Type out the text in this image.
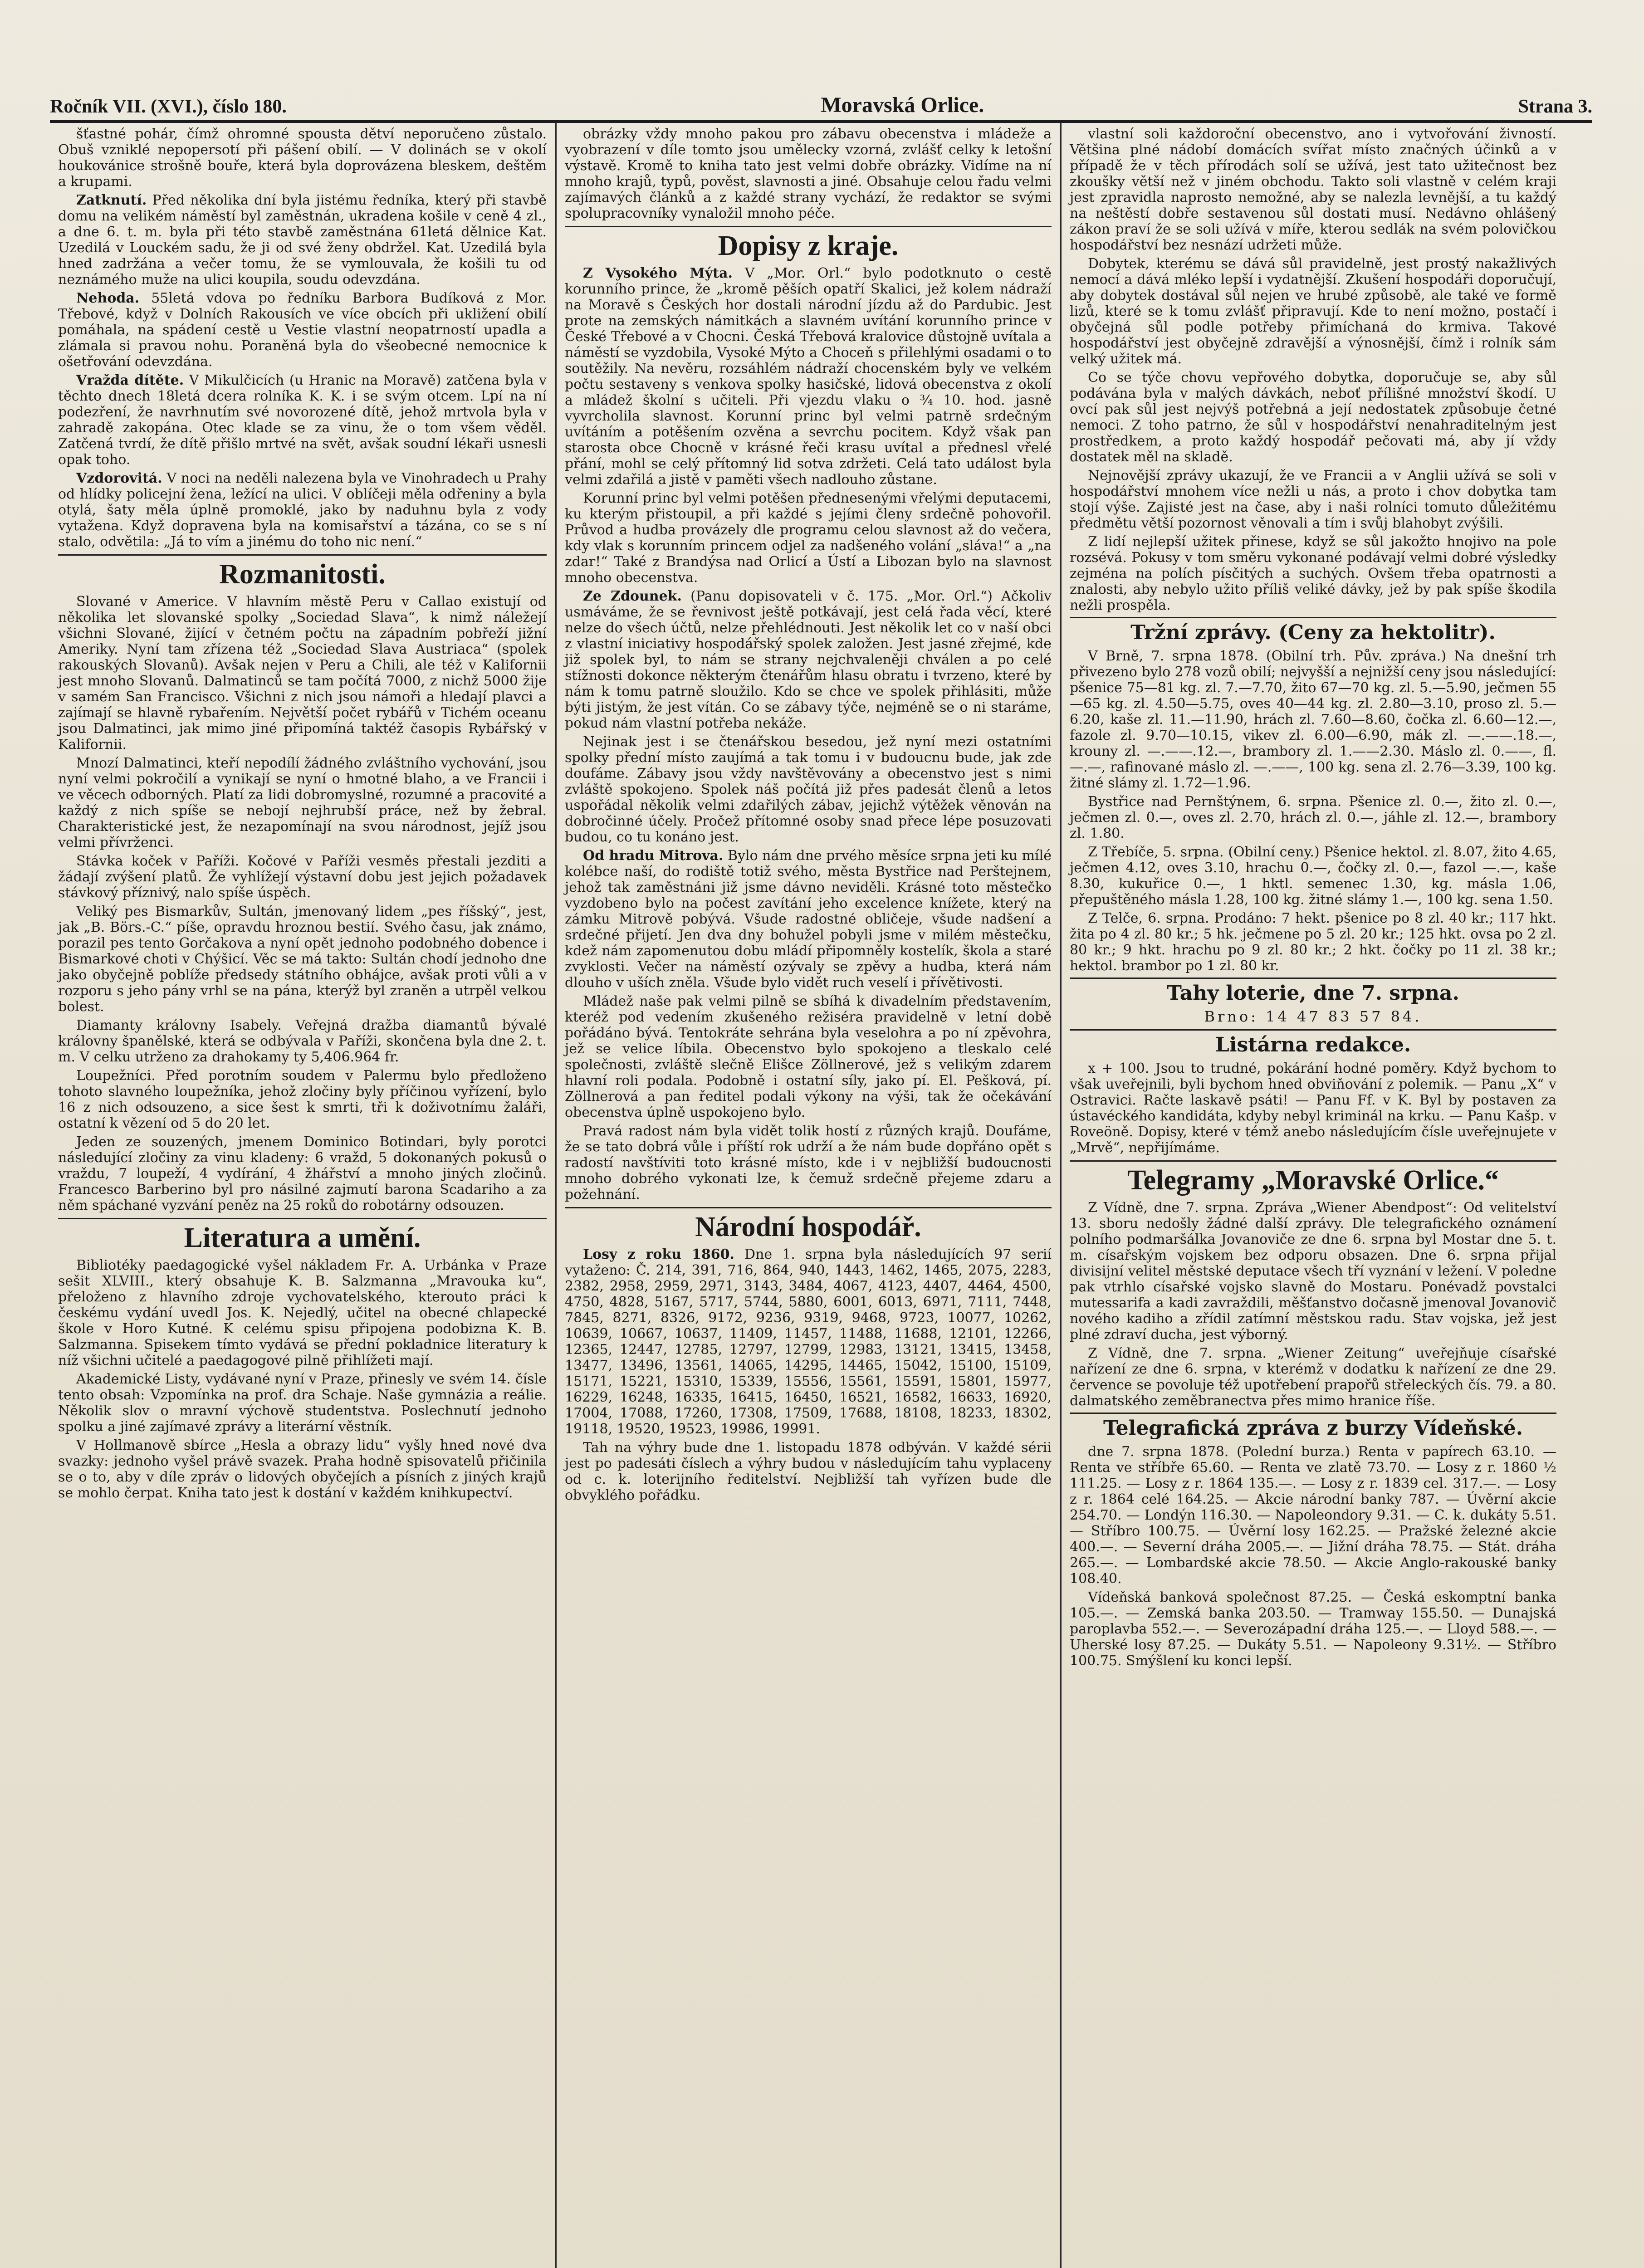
Ročník VII. (XVI.), číslo 180.	Moravská Orlice.	Strana 3.

šťastné pohár, čímž ohromné spousta dětví neporučeno zůstalo. Obuš vzniklé nepopersotí při pášení obilí. — V dolinách se v okolí houkovánice strošně bouře, která byla doprovázena bleskem, deštěm a krupami.

Zatknutí. Před několika dní byla jistému ředníka, který při stavbě domu na velikém náměstí byl zaměstnán, ukradena košile v ceně 4 zl., a dne 6. t. m. byla při této stavbě zaměstnána 61letá dělnice Kat. Uzedilá v Louckém sadu, že ji od své ženy obdržel. Kat. Uzedilá byla hned zadržána a večer tomu, že se vymlouvala, že košili tu od neznámého muže na ulici koupila, soudu odevzdána.

Nehoda. 55letá vdova po ředníku Barbora Budíková z Mor. Třebové, když v Dolních Rakousích ve více obcích při ukližení obilí pomáhala, na spádení cestě u Vestie vlastní neopatrností upadla a zlámala si pravou nohu. Poraněná byla do všeobecné nemocnice k ošetřování odevzdána.

Vražda dítěte. V Mikulčicích (u Hranic na Moravě) zatčena byla v těchto dnech 18letá dcera rolníka K. K. i se svým otcem. Lpí na ní podezření, že navrhnutím své novorozené dítě, jehož mrtvola byla v zahradě zakopána. Otec klade se za vinu, že o tom všem věděl. Zatčená tvrdí, že dítě přišlo mrtvé na svět, avšak soudní lékaři usnesli opak toho.

Vzdorovitá. V noci na neděli nalezena byla ve Vinohradech u Prahy od hlídky policejní žena, ležící na ulici. V oblíčeji měla odřeniny a byla otylá, šaty měla úplně promoklé, jako by naduhnu byla z vody vytažena. Když dopravena byla na komisařství a tázána, co se s ní stalo, odvětila: „Já to vím a jinému do toho nic není.“

Rozmanitosti.

Slované v Americe. V hlavním městě Peru v Callao existují od několika let slovanské spolky „Sociedad Slava“, k nimž náležejí všichni Slované, žijící v četném počtu na západním pobřeží jižní Ameriky. Nyní tam zřízena též „Sociedad Slava Austriaca“ (spolek rakouských Slovanů). Avšak nejen v Peru a Chili, ale též v Kalifornii jest mnoho Slovanů. Dalmatinců se tam počítá 7000, z nichž 5000 žije v samém San Francisco. Všichni z nich jsou námoři a hledají plavci a zajímají se hlavně rybařením. Největší počet rybářů v Tichém oceanu jsou Dalmatinci, jak mimo jiné připomíná taktéž časopis Rybářský v Kalifornii.

Mnozí Dalmatinci, kteří nepodílí žádného zvláštního vychování, jsou nyní velmi pokročilí a vynikají se nyní o hmotné blaho, a ve Francii i ve věcech odborných. Platí za lidi dobromyslné, rozumné a pracovité a každý z nich spíše se nebojí nejhrubší práce, než by žebral. Charakteristické jest, že nezapomínají na svou národnost, jejíž jsou velmi přívrženci.

Stávka koček v Paříži. Kočové v Paříži vesměs přestali jezditi a žádají zvýšení platů. Že vyhlížejí výstavní dobu jest jejich požadavek stávkový příznivý, nalo spíše úspěch.

Veliký pes Bismarkův, Sultán, jmenovaný lidem „pes říšský“, jest, jak „B. Börs.-C.“ píše, opravdu hroznou bestií. Svého času, jak známo, porazil pes tento Gorčakova a nyní opět jednoho podobného dobence i Bismarkové choti v Chýšicí. Věc se má takto: Sultán chodí jednoho dne jako obyčejně poblíže předsedy státního obhájce, avšak proti vůli a v rozporu s jeho pány vrhl se na pána, kterýž byl zraněn a utrpěl velkou bolest.

Diamanty královny Isabely. Veřejná dražba diamantů bývalé královny španělské, která se odbývala v Paříži, skončena byla dne 2. t. m. V celku utrženo za drahokamy ty 5,406.964 fr.

Loupežníci. Před porotním soudem v Palermu bylo předloženo tohoto slavného loupežníka, jehož zločiny byly příčinou vyřízení, bylo 16 z nich odsouzeno, a sice šest k smrti, tři k doživotnímu žaláři, ostatní k vězení od 5 do 20 let.

Jeden ze souzených, jmenem Dominico Botindari, byly porotci následující zločiny za vinu kladeny: 6 vražd, 5 dokonaných pokusů o vraždu, 7 loupeží, 4 vydírání, 4 žhářství a mnoho jiných zločinů. Francesco Barberino byl pro násilné zajmutí barona Scadariho a za něm spáchané vyzvání peněz na 25 roků do robotárny odsouzen.

Literatura a umění.

Bibliotéky paedagogické vyšel nákladem Fr. A. Urbánka v Praze sešit XLVIII., který obsahuje K. B. Salzmanna „Mravouka ku“, přeloženo z hlavního zdroje vychovatelského, kterouto práci k českému vydání uvedl Jos. K. Nejedlý, učitel na obecné chlapecké škole v Horo Kutné. K celému spisu připojena podobizna K. B. Salzmanna. Spisekem tímto vydává se přední pokladnice literatury k níž všichni učitelé a paedagogové pilně přihlížeti mají.

Akademické Listy, vydávané nyní v Praze, přinesly ve svém 14. čísle tento obsah: Vzpomínka na prof. dra Schaje. Naše gymnázia a reálie. Několik slov o mravní výchově studentstva. Poslechnutí jednoho spolku a jiné zajímavé zprávy a literární věstník.

V Hollmanově sbírce „Hesla a obrazy lidu“ vyšly hned nové dva svazky: jednoho vyšel právě svazek. Praha hodně spisovatelů přičinila se o to, aby v díle zpráv o lidových obyčejích a písních z jiných krajů se mohlo čerpat. Kniha tato jest k dostání v každém knihkupectví.

obrázky vždy mnoho pakou pro zábavu obecenstva i mládeže a vyobrazení v díle tomto jsou umělecky vzorná, zvlášť celky k letošní výstavě. Kromě to kniha tato jest velmi dobře obrázky. Vidíme na ní mnoho krajů, typů, pověst, slavnosti a jiné. Obsahuje celou řadu velmi zajímavých článků a z každé strany vychází, že redaktor se svými spolupracovníky vynaložil mnoho péče.

Dopisy z kraje.

Z Vysokého Mýta. V „Mor. Orl.“ bylo podotknuto o cestě korunního prince, že „kromě pěších opatří Skalici, jež kolem nádraží na Moravě s Českých hor dostali národní jízdu až do Pardubic. Jest prote na zemských námitkách a slavném uvítání korunního prince v České Třebové a v Chocni. Česká Třebová kralovice důstojně uvítala a náměstí se vyzdobila, Vysoké Mýto a Choceň s přilehlými osadami o to soutěžily. Na nevěru, rozsáhlém nádraží chocenském byly ve velkém počtu sestaveny s venkova spolky hasičské, lidová obecenstva z okolí a mládež školní s učiteli. Při vjezdu vlaku o ¾ 10. hod. jasně vyvrcholila slavnost. Korunní princ byl velmi patrně srdečným uvítáním a potěšením ozvěna a sevrchu pocitem. Když však pan starosta obce Chocně v krásné řeči krasu uvítal a přednesl vřelé přání, mohl se celý přítomný lid sotva zdržeti. Celá tato událost byla velmi zdařilá a jistě v paměti všech nadlouho zůstane.

Korunní princ byl velmi potěšen přednesenými vřelými deputacemi, ku kterým přistoupil, a při každé s jejími členy srdečně pohovořil. Průvod a hudba provázely dle programu celou slavnost až do večera, kdy vlak s korunním princem odjel za nadšeného volání „sláva!“ a „na zdar!“ Také z Brandýsa nad Orlicí a Ústí a Libozan bylo na slavnost mnoho obecenstva.

Ze Zdounek. (Panu dopisovateli v č. 175. „Mor. Orl.“) Ačkoliv usmáváme, že se řevnivost ještě potkávají, jest celá řada věcí, které nelze do všech účtů, nelze přehlédnouti. Jest několik let co v naší obci z vlastní iniciativy hospodářský spolek založen. Jest jasné zřejmé, kde již spolek byl, to nám se strany nejchvaleněji chválen a po celé stížnosti dokonce některým čtenářům hlasu obratu i tvrzeno, které by nám k tomu patrně sloužilo. Kdo se chce ve spolek přihlásiti, může býti jistým, že jest vítán. Co se zábavy týče, nejméně se o ni staráme, pokud nám vlastní potřeba nekáže.

Nejinak jest i se čtenářskou besedou, jež nyní mezi ostatními spolky přední místo zaujímá a tak tomu i v budoucnu bude, jak zde doufáme. Zábavy jsou vždy navštěvovány a obecenstvo jest s nimi zvláště spokojeno. Spolek náš počítá již přes padesát členů a letos uspořádal několik velmi zdařilých zábav, jejichž výtěžek věnován na dobročinné účely. Pročež přítomné osoby snad přece lépe posuzovati budou, co tu konáno jest.

Od hradu Mitrova. Bylo nám dne prvého měsíce srpna jeti ku mílé kolébce naší, do rodiště totiž svého, města Bystřice nad Perštejnem, jehož tak zaměstnáni již jsme dávno neviděli. Krásné toto městečko vyzdobeno bylo na počest zavítání jeho excelence knížete, který na zámku Mitrově pobývá. Všude radostné obličeje, všude nadšení a srdečné přijetí. Jen dva dny bohužel pobyli jsme v milém městečku, kdež nám zapomenutou dobu mládí připomněly kostelík, škola a staré zvyklosti. Večer na náměstí ozývaly se zpěvy a hudba, která nám dlouho v uších zněla. Všude bylo vidět ruch veselí i přívětivosti.

Mládež naše pak velmi pilně se sbíhá k divadelním představením, kteréž pod vedením zkušeného režiséra pravidelně v letní době pořádáno bývá. Tentokráte sehrána byla veselohra a po ní zpěvohra, jež se velice líbila. Obecenstvo bylo spokojeno a tleskalo celé společnosti, zvláště slečně Elišce Zöllnerové, jež s velikým zdarem hlavní roli podala. Podobně i ostatní síly, jako pí. El. Pešková, pí. Zöllnerová a pan ředitel podali výkony na výši, tak že očekávání obecenstva úplně uspokojeno bylo.

Pravá radost nám byla vidět tolik hostí z různých krajů. Doufáme, že se tato dobrá vůle i příští rok udrží a že nám bude dopřáno opět s radostí navštíviti toto krásné místo, kde i v nejbližší budoucnosti mnoho dobrého vykonati lze, k čemuž srdečně přejeme zdaru a požehnání.

Národní hospodář.

Losy z roku 1860. Dne 1. srpna byla následujících 97 serií vytaženo: Č. 214, 391, 716, 864, 940, 1443, 1462, 1465, 2075, 2283, 2382, 2958, 2959, 2971, 3143, 3484, 4067, 4123, 4407, 4464, 4500, 4750, 4828, 5167, 5717, 5744, 5880, 6001, 6013, 6971, 7111, 7448, 7845, 8271, 8326, 9172, 9236, 9319, 9468, 9723, 10077, 10262, 10639, 10667, 10637, 11409, 11457, 11488, 11688, 12101, 12266, 12365, 12447, 12785, 12797, 12799, 12983, 13121, 13415, 13458, 13477, 13496, 13561, 14065, 14295, 14465, 15042, 15100, 15109, 15171, 15221, 15310, 15339, 15556, 15561, 15591, 15801, 15977, 16229, 16248, 16335, 16415, 16450, 16521, 16582, 16633, 16920, 17004, 17088, 17260, 17308, 17509, 17688, 18108, 18233, 18302, 19118, 19520, 19523, 19986, 19991.

Tah na výhry bude dne 1. listopadu 1878 odbýván. V každé sérii jest po padesáti číslech a výhry budou v následujícím tahu vyplaceny od c. k. loterijního ředitelství. Nejbližší tah vyřízen bude dle obvyklého pořádku.

vlastní soli každoroční obecenstvo, ano i vytvořování živností. Většina plné nádobí domácích svířat místo značných účinků a v případě že v těch přírodách solí se užívá, jest tato užitečnost bez zkoušky větší než v jiném obchodu. Takto soli vlastně v celém kraji jest zpravidla naprosto nemožné, aby se nalezla levnější, a tu každý na neštěstí dobře sestavenou sůl dostati musí. Nedávno ohlášený zákon praví že se soli užívá v míře, kterou sedlák na svém polovičkou hospodářství bez nesnází udržeti může.

Dobytek, kterému se dává sůl pravidelně, jest prostý nakažlivých nemocí a dává mléko lepší i vydatnější. Zkušení hospodáři doporučují, aby dobytek dostával sůl nejen ve hrubé způsobě, ale také ve formě lizů, které se k tomu zvlášť připravují. Kde to není možno, postačí i obyčejná sůl podle potřeby přimíchaná do krmiva. Takové hospodářství jest obyčejně zdravější a výnosnější, čímž i rolník sám velký užitek má.

Co se týče chovu vepřového dobytka, doporučuje se, aby sůl podávána byla v malých dávkách, neboť přílišné množství škodí. U ovcí pak sůl jest nejvýš potřebná a její nedostatek způsobuje četné nemoci. Z toho patrno, že sůl v hospodářství nenahraditelným jest prostředkem, a proto každý hospodář pečovati má, aby jí vždy dostatek měl na skladě.

Nejnovější zprávy ukazují, že ve Francii a v Anglii užívá se soli v hospodářství mnohem více nežli u nás, a proto i chov dobytka tam stojí výše. Zajisté jest na čase, aby i naši rolníci tomuto důležitému předmětu větší pozornost věnovali a tím i svůj blahobyt zvýšili.

Z lidí nejlepší užitek přinese, když se sůl jakožto hnojivo na pole rozsévá. Pokusy v tom směru vykonané podávají velmi dobré výsledky zejména na polích písčitých a suchých. Ovšem třeba opatrnosti a znalosti, aby nebylo užito příliš veliké dávky, jež by pak spíše škodila nežli prospěla.

Tržní zprávy. (Ceny za hektolitr).

V Brně, 7. srpna 1878. (Obilní trh. Pův. zpráva.) Na dnešní trh přivezeno bylo 278 vozů obilí; nejvyšší a nejnižší ceny jsou následující: pšenice 75—81 kg. zl. 7.—7.70, žito 67—70 kg. zl. 5.—5.90, ječmen 55—65 kg. zl. 4.50—5.75, oves 40—44 kg. zl. 2.80—3.10, proso zl. 5.—6.20, kaše zl. 11.—11.90, hrách zl. 7.60—8.60, čočka zl. 6.60—12.—, fazole zl. 9.70—10.15, vikev zl. 6.00—6.90, mák zl. —.——.18.—, krouny zl. —.——.12.—, brambory zl. 1.——2.30. Máslo zl. 0.——, fl. —.—, rafinované máslo zl. —.——, 100 kg. sena zl. 2.76—3.39, 100 kg. žitné slámy zl. 1.72—1.96.

Bystřice nad Pernštýnem, 6. srpna. Pšenice zl. 0.—, žito zl. 0.—, ječmen zl. 0.—, oves zl. 2.70, hrách zl. 0.—, jáhle zl. 12.—, brambory zl. 1.80.

Z Třebíče, 5. srpna. (Obilní ceny.) Pšenice hektol. zl. 8.07, žito 4.65, ječmen 4.12, oves 3.10, hrachu 0.—, čočky zl. 0.—, fazol —.—, kaše 8.30, kukuřice 0.—, 1 hktl. semenec 1.30, kg. másla 1.06, přepuštěného másla 1.28, 100 kg. žitné slámy 1.—, 100 kg. sena 1.50.

Z Telče, 6. srpna. Prodáno: 7 hekt. pšenice po 8 zl. 40 kr.; 117 hkt. žita po 4 zl. 80 kr.; 5 hk. ječmene po 5 zl. 20 kr.; 125 hkt. ovsa po 2 zl. 80 kr.; 9 hkt. hrachu po 9 zl. 80 kr.; 2 hkt. čočky po 11 zl. 38 kr.; hektol. brambor po 1 zl. 80 kr.

Tahy loterie, dne 7. srpna.
Brno: 14 47 83 57 84.
Listárna redakce.

x + 100. Jsou to trudné, pokárání hodné poměry. Když bychom to však uveřejnili, byli bychom hned obviňování z polemik. — Panu „X“ v Ostravici. Račte laskavě psáti! — Panu Ff. v K. Byl by postaven za ústavéckého kandidáta, kdyby nebyl kriminál na krku. — Panu Kašp. v Roveöně. Dopisy, které v témž anebo následujícím čísle uveřejnujete v „Mrvě“, nepřijímáme.

Telegramy „Moravské Orlice.“

Z Vídně, dne 7. srpna. Zpráva „Wiener Abendpost“: Od velitelství 13. sboru nedošly žádné další zprávy. Dle telegrafického oznámení polního podmaršálka Jovanoviče ze dne 6. srpna byl Mostar dne 5. t. m. císařským vojskem bez odporu obsazen. Dne 6. srpna přijal divisijní velitel městské deputace všech tří vyznání v ležení. V poledne pak vtrhlo císařské vojsko slavně do Mostaru. Ponévadž povstalci mutessarifa a kadi zavraždili, měšťanstvo dočasně jmenoval Jovanovič nového kadiho a zřídil zatímní městskou radu. Stav vojska, jež jest plné zdraví ducha, jest výborný.

Z Vídně, dne 7. srpna. „Wiener Zeitung“ uveřejňuje císařské nařízení ze dne 6. srpna, v kterémž v dodatku k nařízení ze dne 29. července se povoluje též upotřebení prapořů střeleckých čís. 79. a 80. dalmatského zeměbranectva přes mimo hranice říše.

Telegrafická zpráva z burzy Vídeňské.

dne 7. srpna 1878. (Polední burza.) Renta v papírech 63.10. — Renta ve stříbře 65.60. — Renta ve zlatě 73.70. — Losy z r. 1860 ½ 111.25. — Losy z r. 1864 135.—. — Losy z r. 1839 cel. 317.—. — Losy z r. 1864 celé 164.25. — Akcie národní banky 787. — Úvěrní akcie 254.70. — Londýn 116.30. — Napoleondory 9.31. — C. k. dukáty 5.51. — Stříbro 100.75. — Úvěrní losy 162.25. — Pražské železné akcie 400.—. — Severní dráha 2005.—. — Jižní dráha 78.75. — Stát. dráha 265.—. — Lombardské akcie 78.50. — Akcie Anglo-rakouské banky 108.40.

Vídeňská banková společnost 87.25. — Česká eskomptní banka 105.—. — Zemská banka 203.50. — Tramway 155.50. — Dunajská paroplavba 552.—. — Severozápadní dráha 125.—. — Lloyd 588.—. — Uherské losy 87.25. — Dukáty 5.51. — Napoleony 9.31½. — Stříbro 100.75. Smýšlení ku konci lepší.
